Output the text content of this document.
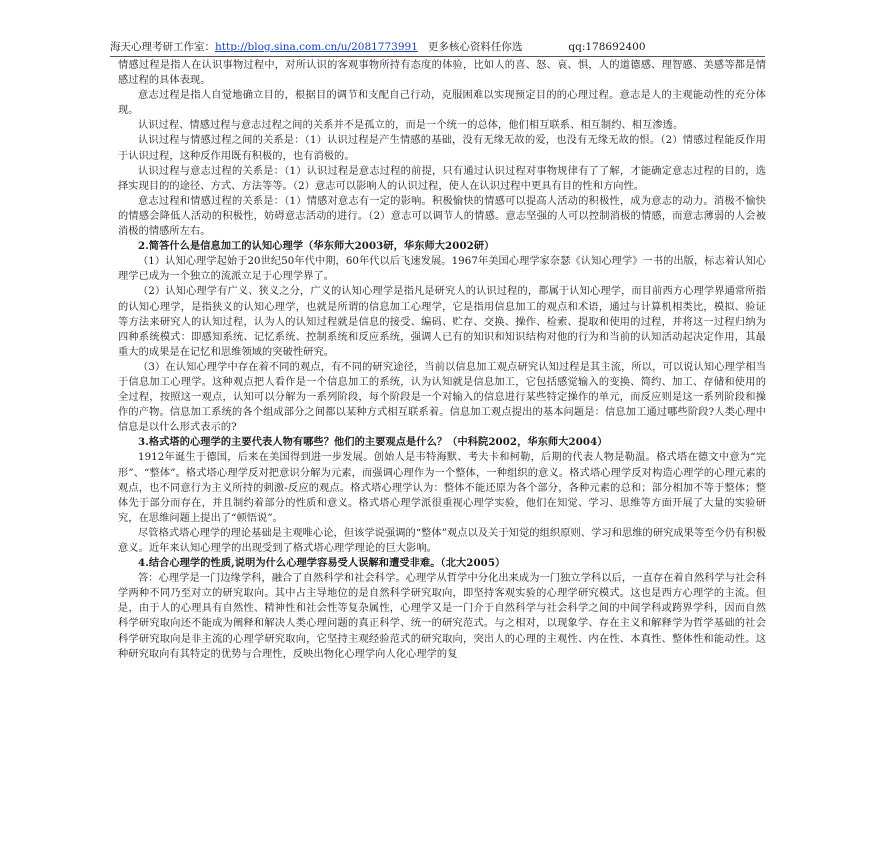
海天心理考研工作室：http://blog.sina.com.cn/u/2081773991 更多核心资料任你选	qq:178692400

情感过程是指人在认识事物过程中，对所认识的客观事物所持有态度的体验，比如人的喜、怒、哀、惧，人的道德感、理智感、美感等都是情感过程的具体表现。

意志过程是指人自觉地确立目的，根据目的调节和支配自己行动，克服困难以实现预定目的的心理过程。意志是人的主观能动性的充分体现。

认识过程、情感过程与意志过程之间的关系并不是孤立的，而是一个统一的总体，他们相互联系、相互制约、相互渗透。

认识过程与情感过程之间的关系是：（1）认识过程是产生情感的基础，没有无缘无故的爱，也没有无缘无故的恨。（2）情感过程能反作用于认识过程，这种反作用既有积极的，也有消极的。

认识过程与意志过程的关系是：（1）认识过程是意志过程的前提，只有通过认识过程对事物规律有了了解，才能确定意志过程的目的，选择实现目的的途径、方式、方法等等。（2）意志可以影响人的认识过程，使人在认识过程中更具有目的性和方向性。

意志过程和情感过程的关系是：（1）情感对意志有一定的影响。积极愉快的情感可以提高人活动的积极性，成为意志的动力。消极不愉快的情感会降低人活动的积极性，妨碍意志活动的进行。（2）意志可以调节人的情感。意志坚强的人可以控制消极的情感，而意志薄弱的人会被消极的情感所左右。

2.简答什么是信息加工的认知心理学（华东师大2003研，华东师大2002研）

（1）认知心理学起始于20世纪50年代中期，60年代以后飞速发展。1967年美国心理学家奈瑟《认知心理学》一书的出版，标志着认知心理学已成为一个独立的流派立足于心理学界了。

（2）认知心理学有广义、狭义之分，广义的认知心理学是指凡是研究人的认识过程的，都属于认知心理学，而目前西方心理学界通常所指的认知心理学，是指狭义的认知心理学，也就是所谓的信息加工心理学，它是指用信息加工的观点和术语，通过与计算机相类比，模拟、验证等方法来研究人的认知过程，认为人的认知过程就是信息的接受、编码、贮存、交换、操作、检索、提取和使用的过程，并将这一过程归纳为四种系统模式：即感知系统、记忆系统、控制系统和反应系统，强调人已有的知识和知识结构对他的行为和当前的认知活动起决定作用，其最重大的成果是在记忆和思维领域的突破性研究。

（3）在认知心理学中存在着不同的观点，有不同的研究途径，当前以信息加工观点研究认知过程是其主流，所以，可以说认知心理学相当于信息加工心理学。这种观点把人看作是一个信息加工的系统，认为认知就是信息加工，它包括感觉输入的变换、简约、加工、存储和使用的全过程，按照这一观点，认知可以分解为一系列阶段，每个阶段是一个对输入的信息进行某些特定操作的单元，而反应则是这一系列阶段和操作的产物。信息加工系统的各个组成部分之间都以某种方式相互联系着。信息加工观点提出的基本问题是：信息加工通过哪些阶段?人类心理中信息是以什么形式表示的?

3.格式塔的心理学的主要代表人物有哪些？他们的主要观点是什么？（中科院2002，华东师大2004）

1912年诞生于德国，后来在美国得到进一步发展。创始人是韦特海默、考夫卡和柯勒，后期的代表人物是勒温。格式塔在德文中意为“完形”、“整体”。格式塔心理学反对把意识分解为元素，而强调心理作为一个整体，一种组织的意义。格式塔心理学反对构造心理学的心理元素的观点，也不同意行为主义所持的刺激-反应的观点。格式塔心理学认为：整体不能还原为各个部分，各种元素的总和；部分相加不等于整体；整体先于部分而存在，并且制约着部分的性质和意义。格式塔心理学派很重视心理学实验，他们在知觉、学习、思维等方面开展了大量的实验研究，在思维问题上提出了“顿悟说”。

尽管格式塔心理学的理论基础是主观唯心论，但该学说强调的“整体”观点以及关于知觉的组织原则、学习和思维的研究成果等至今仍有积极意义。近年来认知心理学的出现受到了格式塔心理学理论的巨大影响。

4.结合心理学的性质,说明为什么心理学容易受人误解和遭受非难。（北大2005）

答：心理学是一门边缘学科，融合了自然科学和社会科学。心理学从哲学中分化出来成为一门独立学科以后，一直存在着自然科学与社会科学两种不同乃至对立的研究取向。其中占主导地位的是自然科学研究取向，即坚持客观实验的心理学研究模式。这也是西方心理学的主流。但是，由于人的心理具有自然性、精神性和社会性等复杂属性，心理学又是一门介于自然科学与社会科学之间的中间学科或跨界学科，因而自然科学研究取向还不能成为阐释和解决人类心理问题的真正科学、统一的研究范式。与之相对，以现象学、存在主义和解释学为哲学基础的社会科学研究取向是非主流的心理学研究取向，它坚持主观经验范式的研究取向，突出人的心理的主观性、内在性、本真性、整体性和能动性。这种研究取向有其特定的优势与合理性，反映出物化心理学向人化心理学的复
